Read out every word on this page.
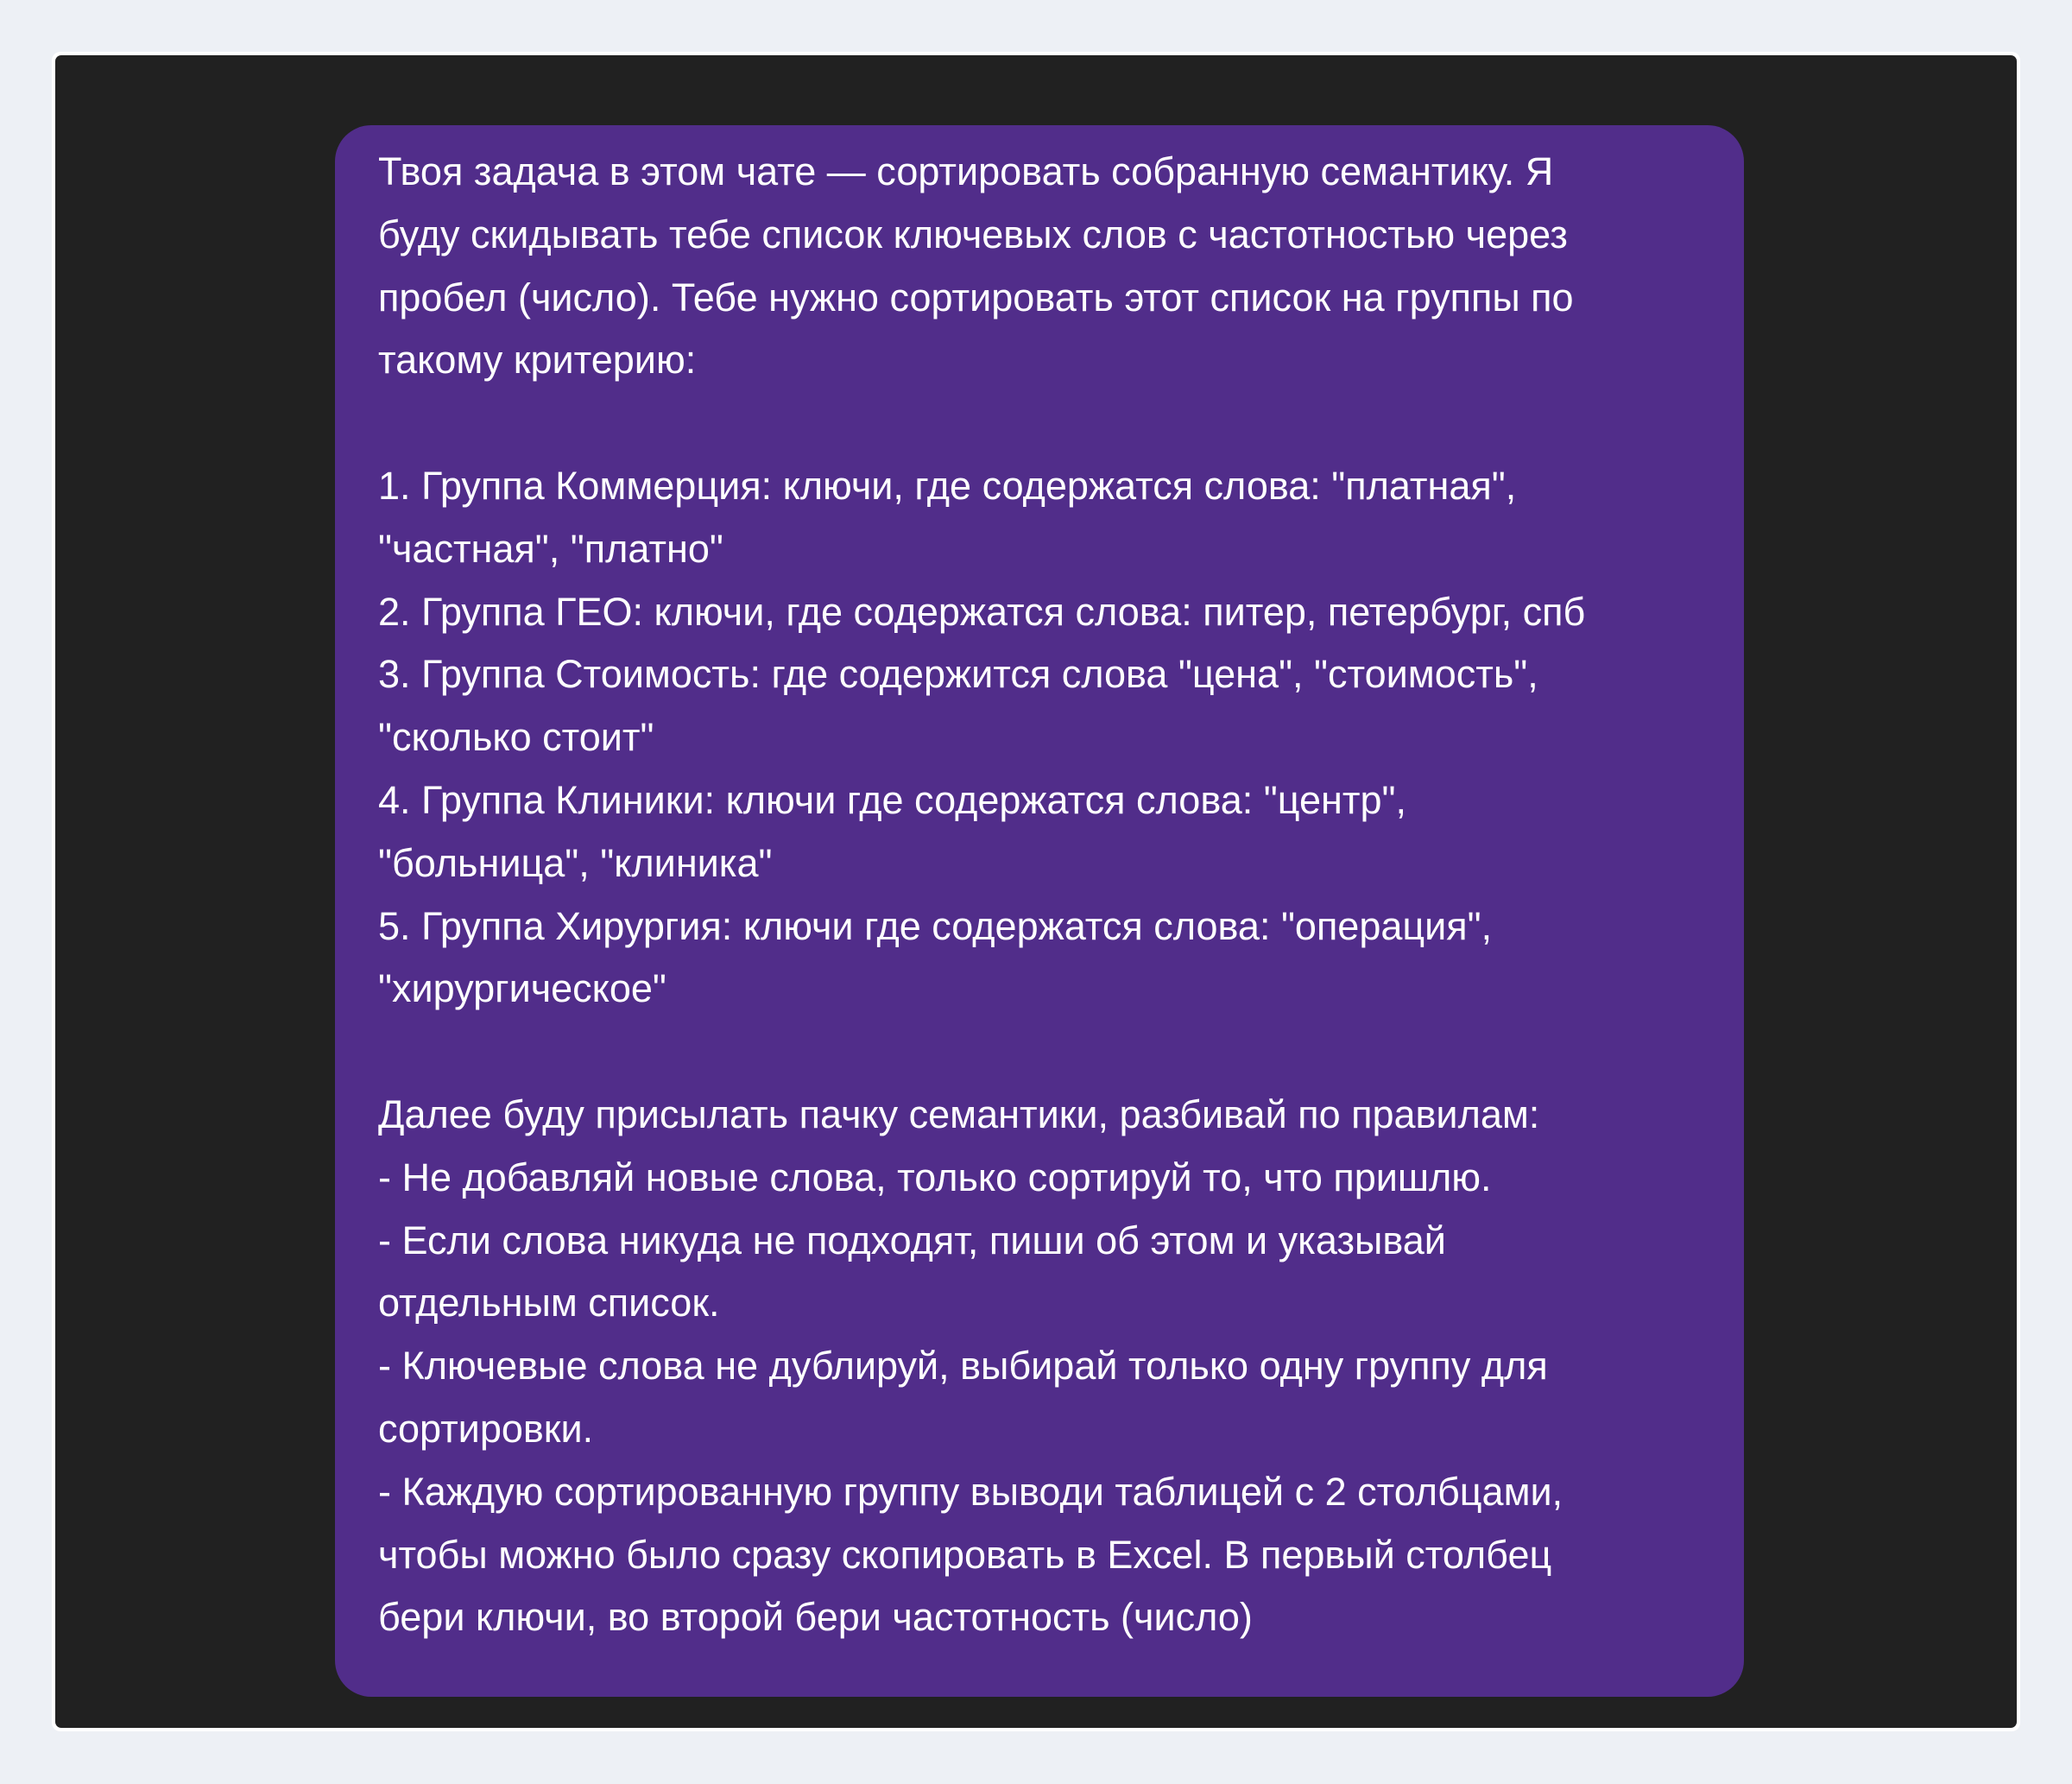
Твоя задача в этом чате — сортировать собранную семантику. Я
буду скидывать тебе список ключевых слов с частотностью через
пробел (число). Тебе нужно сортировать этот список на группы по
такому критерию:
1. Группа Коммерция: ключи, где содержатся слова: "платная",
"частная", "платно"
2. Группа ГЕО: ключи, где содержатся слова: питер, петербург, спб
3. Группа Стоимость: где содержится слова "цена", "стоимость",
"сколько стоит"
4. Группа Клиники: ключи где содержатся слова: "центр",
"больница", "клиника"
5. Группа Хирургия: ключи где содержатся слова: "операция",
"хирургическое"
Далее буду присылать пачку семантики, разбивай по правилам:
- Не добавляй новые слова, только сортируй то, что пришлю.
- Если слова никуда не подходят, пиши об этом и указывай
отдельным список.
- Ключевые слова не дублируй, выбирай только одну группу для
сортировки.
- Каждую сортированную группу выводи таблицей с 2 столбцами,
чтобы можно было сразу скопировать в Excel. В первый столбец
бери ключи, во второй бери частотность (число)
